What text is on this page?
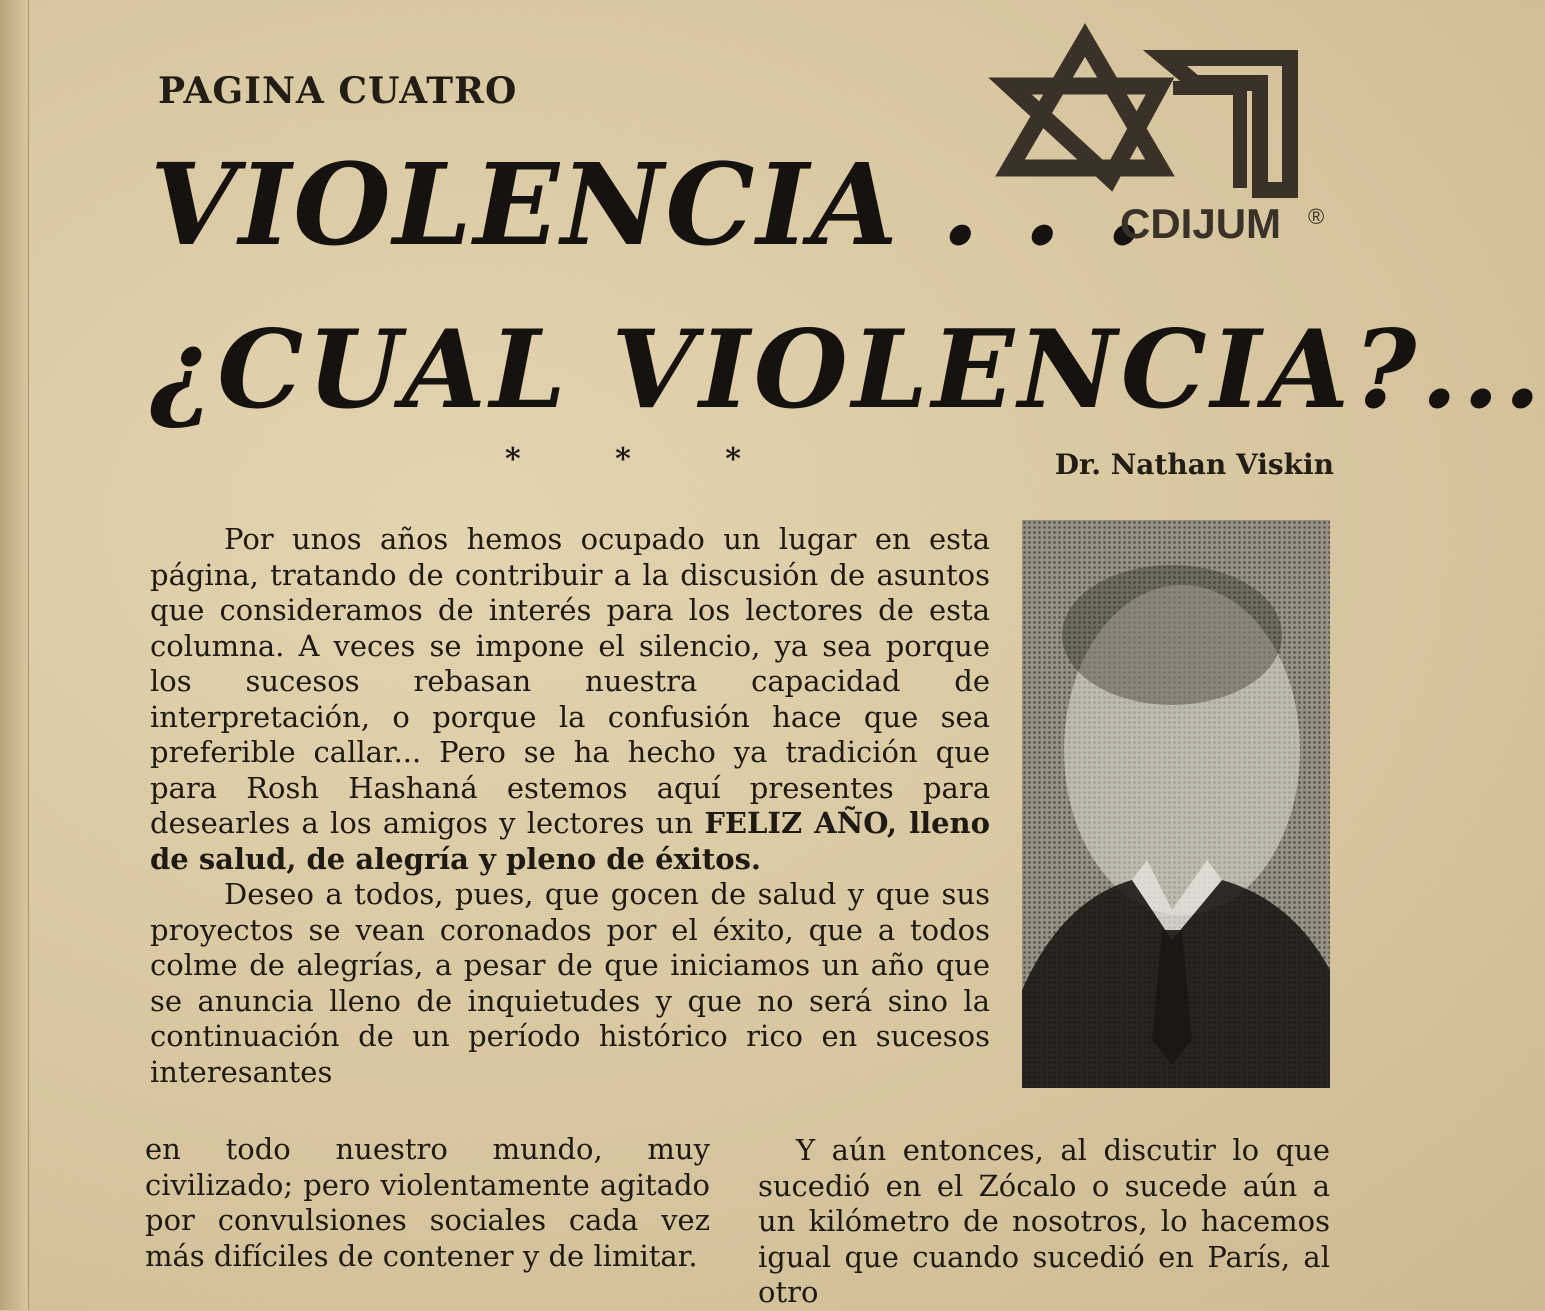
PAGINA CUATRO
VIOLENCIA . . .
¿CUAL VIOLENCIA?...
CDIJUM ®
* * *	Dr. Nathan Viskin

Por unos años hemos ocupado un lugar en esta página, tratando de contribuir a la discusión de asuntos que consideramos de interés para los lectores de esta columna. A veces se impone el silencio, ya sea porque los sucesos rebasan nuestra capacidad de interpretación, o porque la confusión hace que sea preferible callar... Pero se ha hecho ya tradición que para Rosh Hashaná estemos aquí presentes para desearles a los amigos y lectores un FELIZ AÑO, lleno de salud, de alegría y pleno de éxitos.

Deseo a todos, pues, que gocen de salud y que sus proyectos se vean coronados por el éxito, que a todos colme de alegrías, a pesar de que iniciamos un año que se anuncia lleno de inquietudes y que no será sino la continuación de un período histórico rico en sucesos interesantes

en todo nuestro mundo, muy civilizado; pero violentamente agitado por convulsiones sociales cada vez más difíciles de contener y de limitar.

Y aún entonces, al discutir lo que sucedió en el Zócalo o sucede aún a un kilómetro de nosotros, lo hacemos igual que cuando sucedió en París, al otro
